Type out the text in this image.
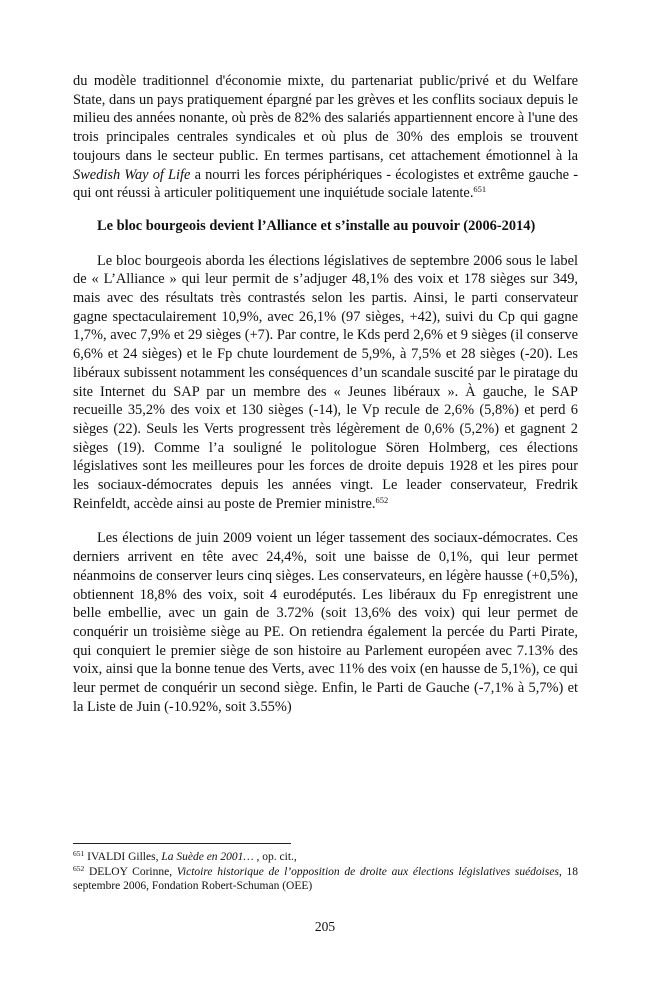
du modèle traditionnel d'économie mixte, du partenariat public/privé et du Welfare State, dans un pays pratiquement épargné par les grèves et les conflits sociaux depuis le milieu des années nonante, où près de 82% des salariés appartiennent encore à l'une des trois principales centrales syndicales et où plus de 30% des emplois se trouvent toujours dans le secteur public. En termes partisans, cet attachement émotionnel à la Swedish Way of Life a nourri les forces périphériques - écologistes et extrême gauche - qui ont réussi à articuler politiquement une inquiétude sociale latente.$^{651}$

Le bloc bourgeois devient l’Alliance et s’installe au pouvoir (2006-2014)

Le bloc bourgeois aborda les élections législatives de septembre 2006 sous le label de « L’Alliance » qui leur permit de s’adjuger 48,1% des voix et 178 sièges sur 349, mais avec des résultats très contrastés selon les partis. Ainsi, le parti conservateur gagne spectaculairement 10,9%, avec 26,1% (97 sièges, +42), suivi du Cp qui gagne 1,7%, avec 7,9% et 29 sièges (+7). Par contre, le Kds perd 2,6% et 9 sièges (il conserve 6,6% et 24 sièges) et le Fp chute lourdement de 5,9%, à 7,5% et 28 sièges (-20). Les libéraux subissent notamment les conséquences d’un scandale suscité par le piratage du site Internet du SAP par un membre des « Jeunes libéraux ». À gauche, le SAP recueille 35,2% des voix et 130 sièges (-14), le Vp recule de 2,6% (5,8%) et perd 6 sièges (22). Seuls les Verts progressent très légèrement de 0,6% (5,2%) et gagnent 2 sièges (19). Comme l’a souligné le politologue Sören Holmberg, ces élections législatives sont les meilleures pour les forces de droite depuis 1928 et les pires pour les sociaux-démocrates depuis les années vingt. Le leader conservateur, Fredrik Reinfeldt, accède ainsi au poste de Premier ministre.$^{652}$

Les élections de juin 2009 voient un léger tassement des sociaux-démocrates. Ces derniers arrivent en tête avec 24,4%, soit une baisse de 0,1%, qui leur permet néanmoins de conserver leurs cinq sièges. Les conservateurs, en légère hausse (+0,5%), obtiennent 18,8% des voix, soit 4 eurodéputés. Les libéraux du Fp enregistrent une belle embellie, avec un gain de 3.72% (soit 13,6% des voix) qui leur permet de conquérir un troisième siège au PE. On retiendra également la percée du Parti Pirate, qui conquiert le premier siège de son histoire au Parlement européen avec 7.13% des voix, ainsi que la bonne tenue des Verts, avec 11% des voix (en hausse de 5,1%), ce qui leur permet de conquérir un second siège. Enfin, le Parti de Gauche (-7,1% à 5,7%) et la Liste de Juin (-10.92%, soit 3.55%)

$^{651}$ IVALDI Gilles, La Suède en 2001… , op. cit.,
$^{652}$ DELOY Corinne, Victoire historique de l’opposition de droite aux élections législatives suédoises, 18 septembre 2006, Fondation Robert-Schuman (OEE)
205
